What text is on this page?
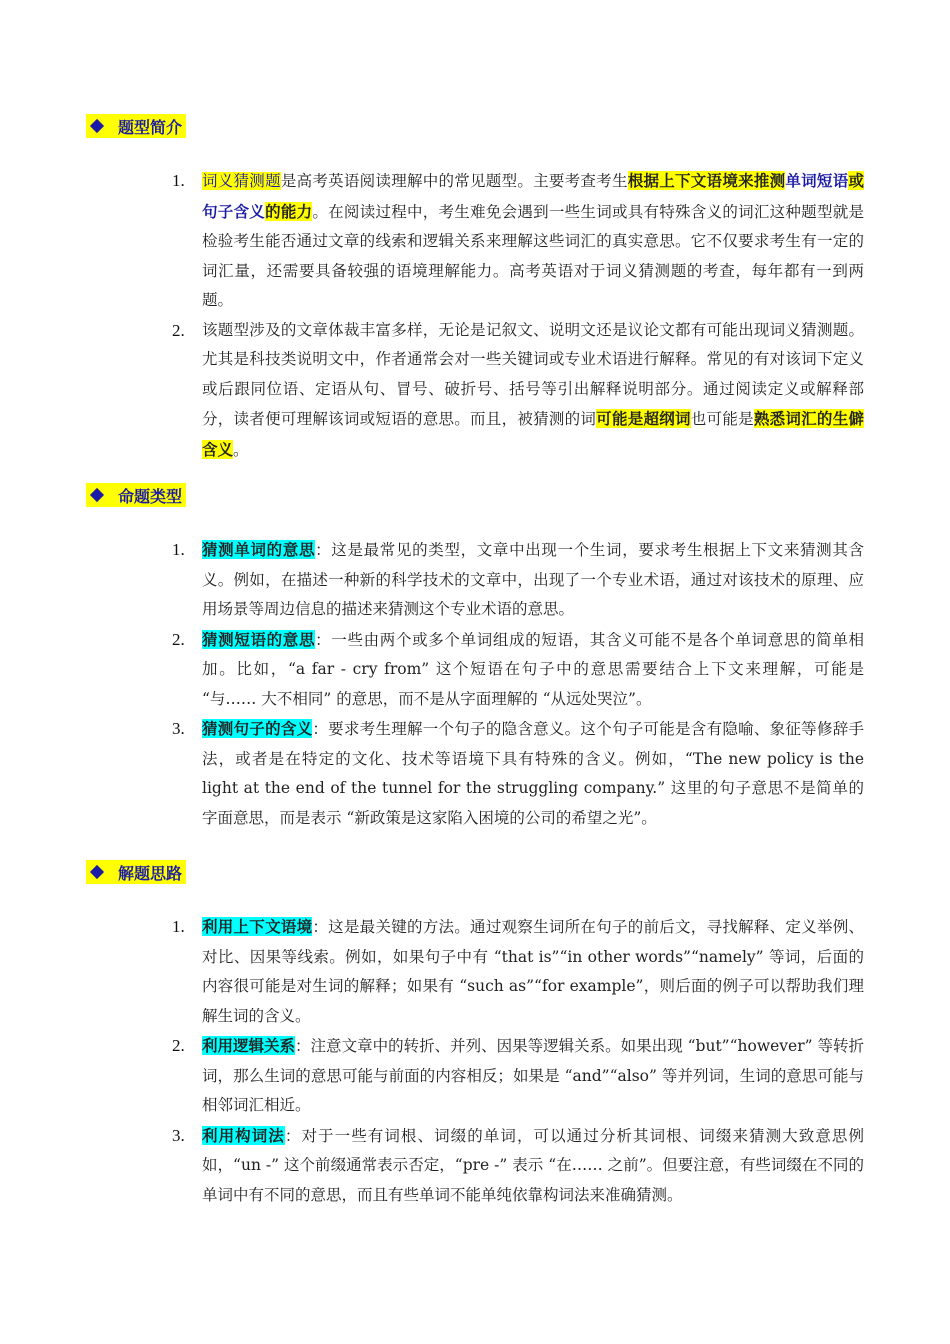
题型简介
1. 词义猜测题是高考英语阅读理解中的常见题型。主要考查考生根据上下文语境来推测单词短语或句子含义的能力。在阅读过程中，考生难免会遇到一些生词或具有特殊含义的词汇这种题型就是检验考生能否通过文章的线索和逻辑关系来理解这些词汇的真实意思。它不仅要求考生有一定的词汇量，还需要具备较强的语境理解能力。高考英语对于词义猜测题的考查，每年都有一到两题。
2. 该题型涉及的文章体裁丰富多样，无论是记叙文、说明文还是议论文都有可能出现词义猜测题。尤其是科技类说明文中，作者通常会对一些关键词或专业术语进行解释。常见的有对该词下定义或后跟同位语、定语从句、冒号、破折号、括号等引出解释说明部分。通过阅读定义或解释部分，读者便可理解该词或短语的意思。而且，被猜测的词可能是超纲词也可能是熟悉词汇的生僻含义。
命题类型
1. 猜测单词的意思：这是最常见的类型，文章中出现一个生词，要求考生根据上下文来猜测其含义。例如，在描述一种新的科学技术的文章中，出现了一个专业术语，通过对该技术的原理、应用场景等周边信息的描述来猜测这个专业术语的意思。
2. 猜测短语的意思：一些由两个或多个单词组成的短语，其含义可能不是各个单词意思的简单相加。比如，“a far - cry from” 这个短语在句子中的意思需要结合上下文来理解，可能是 “与…… 大不相同” 的意思，而不是从字面理解的 “从远处哭泣”。
3. 猜测句子的含义：要求考生理解一个句子的隐含意义。这个句子可能是含有隐喻、象征等修辞手法，或者是在特定的文化、技术等语境下具有特殊的含义。例如，“The new policy is the light at the end of the tunnel for the struggling company.” 这里的句子意思不是简单的字面意思，而是表示 “新政策是这家陷入困境的公司的希望之光”。
解题思路
1. 利用上下文语境：这是最关键的方法。通过观察生词所在句子的前后文，寻找解释、定义举例、对比、因果等线索。例如，如果句子中有 “that is”“in other words”“namely” 等词，后面的内容很可能是对生词的解释；如果有 “such as”“for example”，则后面的例子可以帮助我们理解生词的含义。
2. 利用逻辑关系：注意文章中的转折、并列、因果等逻辑关系。如果出现 “but”“however” 等转折词，那么生词的意思可能与前面的内容相反；如果是 “and”“also” 等并列词，生词的意思可能与相邻词汇相近。
3. 利用构词法：对于一些有词根、词缀的单词，可以通过分析其词根、词缀来猜测大致意思例如，“un -” 这个前缀通常表示否定，“pre -” 表示 “在…… 之前”。但要注意，有些词缀在不同的单词中有不同的意思，而且有些单词不能单纯依靠构词法来准确猜测。
